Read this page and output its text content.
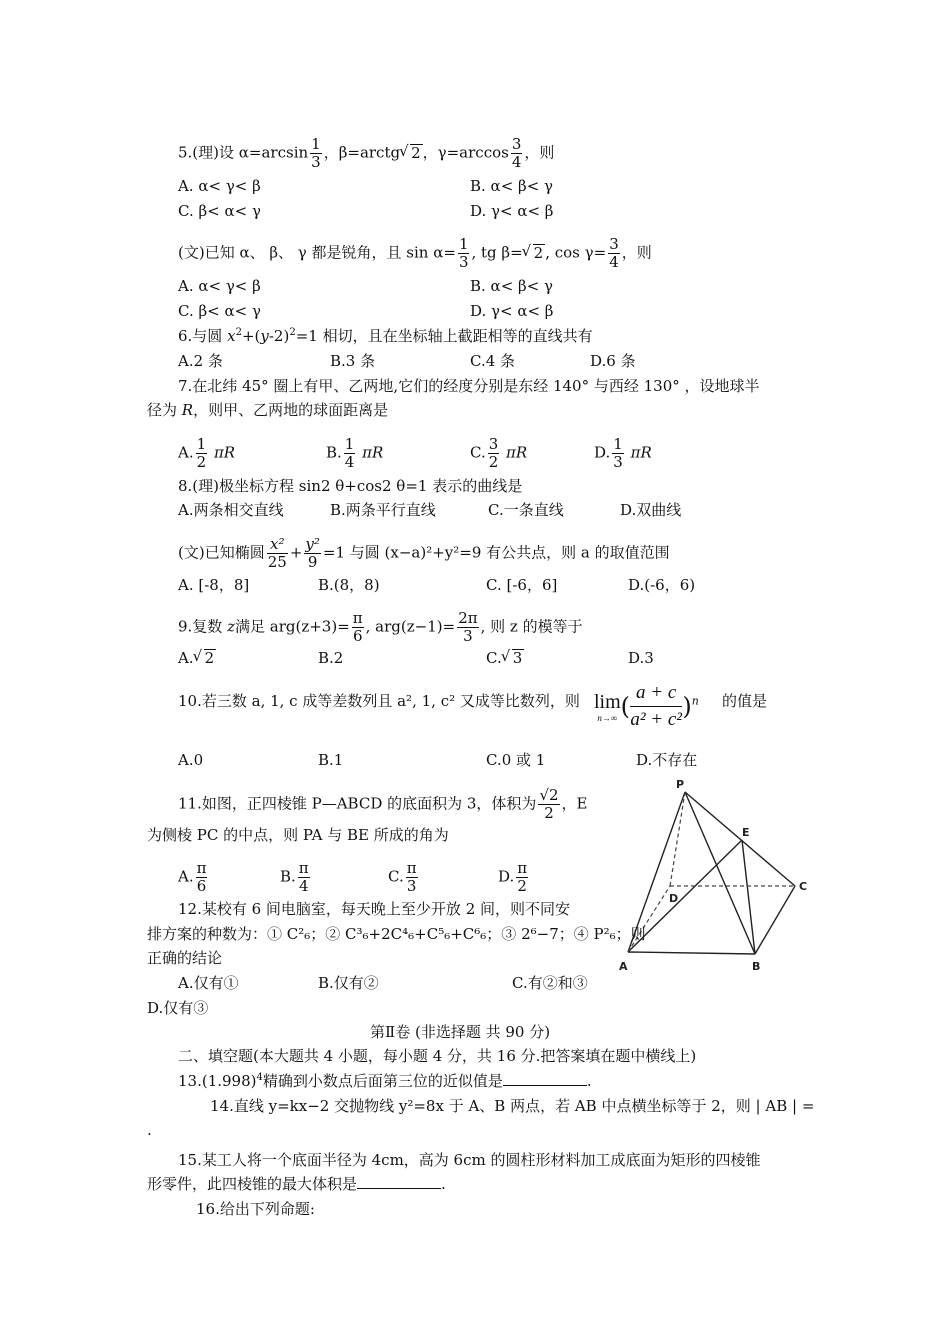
5.(理)设 $\alpha=\arcsin \frac{1}{3}$ ，β=arctg √ 2 ，$\gamma=\arccos \frac{3}{4}$ ，则
A. α< γ< β	B. α< β< γ
C. β< α< γ	D. γ< α< β
(文)已知 α、 β、 γ 都是锐角，且 $\sin \alpha= \frac{1}{3}$ , tg β= √ 2 , $\cos \gamma= \frac{3}{4}$ ，则
A. α< γ< β	B. α< β< γ
C. β< α< γ	D. γ< α< β
6.与圆 $x^2+(y-2)^2=1$ 相切，且在坐标轴上截距相等的直线共有
A.2 条	B.3 条	C.4 条	D.6 条
7.在北纬 45° 圈上有甲、乙两地,它们的经度分别是东经 140° 与西经 130° ，设地球半
径为 R，则甲、乙两地的球面距离是
A. $\frac{1}{2}$ πR	B. $\frac{1}{4}$ πR	C. $\frac{3}{2}$ πR	D. $\frac{1}{3}$ πR
8.(理)极坐标方程 sin2 θ+cos2 θ=1 表示的曲线是
A.两条相交直线	B.两条平行直线	C.一条直线	D.双曲线
(文)已知椭圆 $\frac{\text{x²}}{25} + \frac{\text{y²}}{9} =1$ 与圆 (x−a)²+y²=9 有公共点，则 a 的取值范围
A. [-8，8]	B.(8，8)	C. [-6，6]	D.(-6，6)
9.复数 z满足 $arg(z+3)= \frac{\pi}{6}$ , $arg(z-1)= \frac{2\pi}{3}$ , 则 z 的模等于
A. √ 2	B.2	C. √ 3	D.3
10.若三数 a, 1, c 成等差数列且 a², 1, c² 又成等比数列，则 lim
n→∞ ( $\frac{a + c}{\text{a² + c²}})^n$ 的值是
A.0	B.1	C.0 或 1	D.不存在
11.如图，正四棱锥 P—ABCD 的底面积为 3，体积为 $\frac{√2}{2}$ ，E
为侧棱 PC 的中点，则 PA 与 BE 所成的角为
A. $\frac{\pi}{6}$	B. $\frac{\pi}{4}$	C. $\frac{\pi}{3}$	D. $\frac{\pi}{2}$
P
E
D
C
A	B
12.某校有 6 间电脑室，每天晚上至少开放 2 间，则不同安
排方案的种数为：① C²₆；② C³₆+2C⁴₆+C⁵₆+C⁶₆；③ 2⁶−7；④ P²₆；则
正确的结论
A.仅有①	B.仅有②	C.有②和③
D.仅有③
第Ⅱ卷 (非选择题 共 90 分)
二、填空题(本大题共 4 小题，每小题 4 分，共 16 分.把答案填在题中横线上)
$13.(1.998)^4$精确到小数点后面第三位的近似值是	.
14.直线 y=kx−2 交抛物线 y²=8x 于 A、B 两点，若 AB 中点横坐标等于 2，则 | AB | =
.
15.某工人将一个底面半径为 4cm，高为 6cm 的圆柱形材料加工成底面为矩形的四棱锥
形零件，此四棱锥的最大体积是	.
16.给出下列命题:
